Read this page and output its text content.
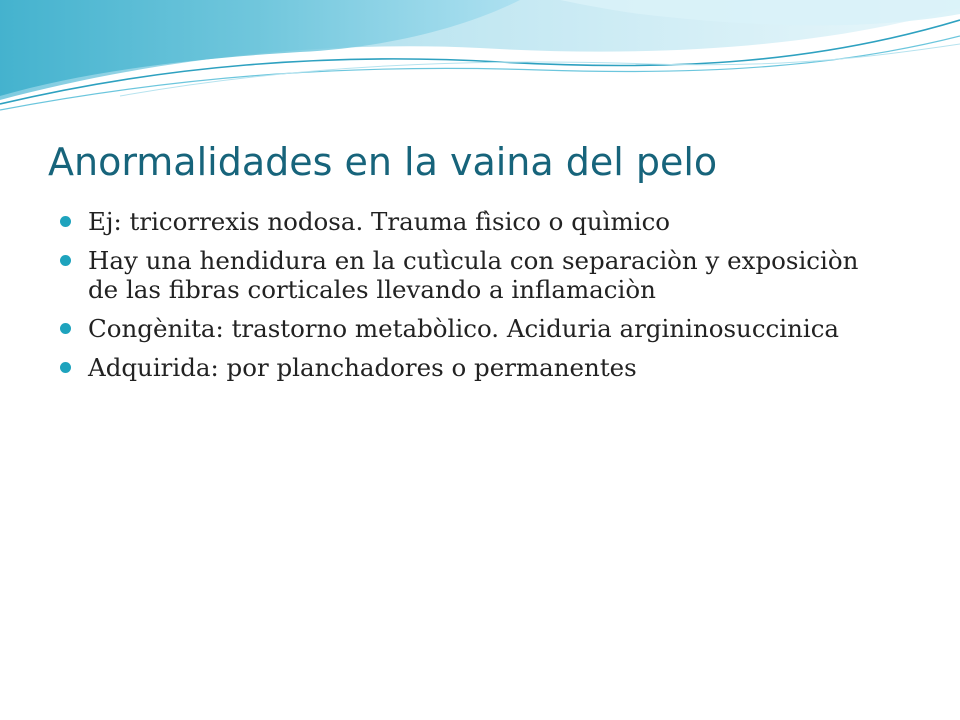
Anormalidades en la vaina del pelo
Ej: tricorrexis nodosa. Trauma fìsico o quìmico
Hay una hendidura en la cutìcula con separaciòn y exposiciòn de las fibras corticales llevando a inflamaciòn
Congènita: trastorno metabòlico. Aciduria argininosuccinica
Adquirida: por planchadores o permanentes
